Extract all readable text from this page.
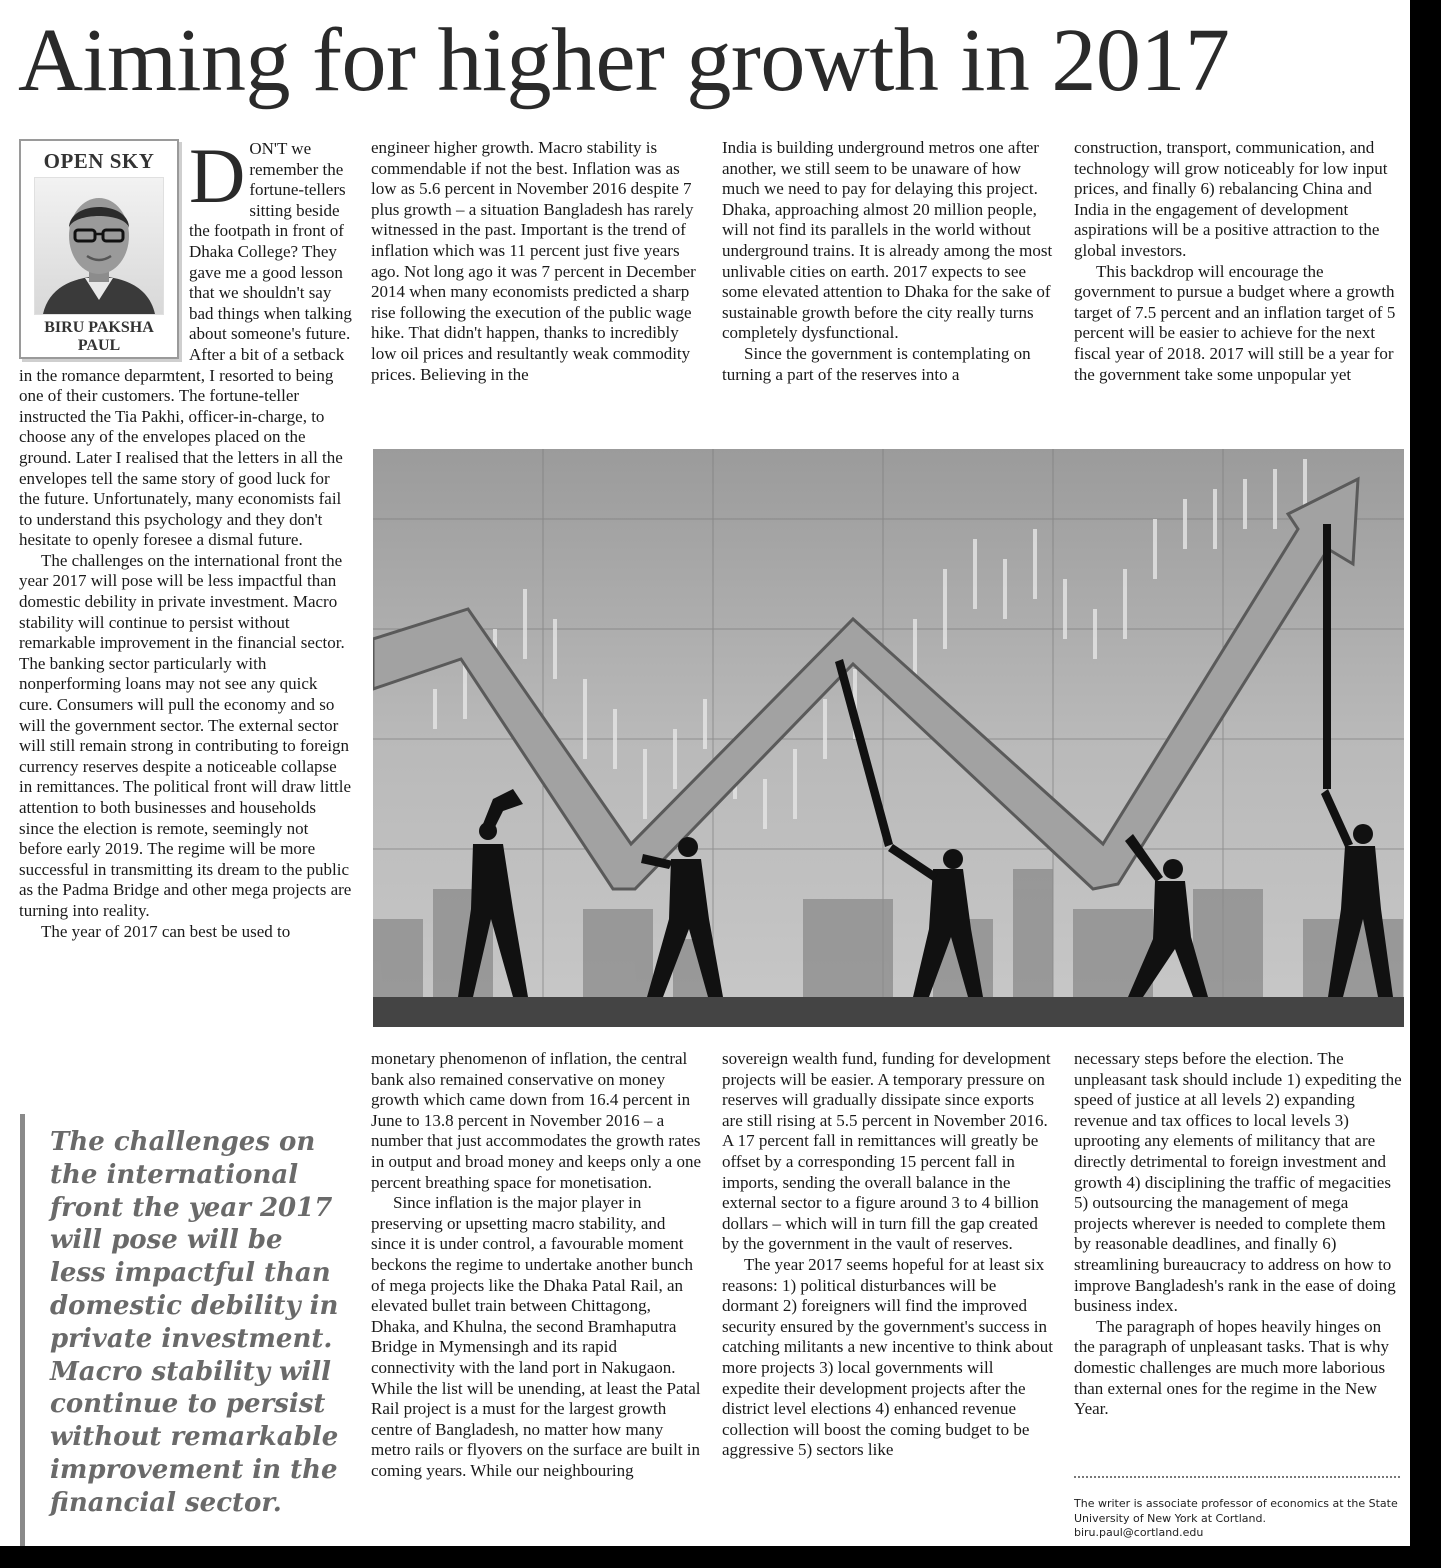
Aiming for higher growth in 2017
OPEN SKY
BIRU PAKSHA
PAUL

DON'T we remember the fortune-tellers sitting beside the footpath in front of Dhaka College? They gave me a good lesson that we shouldn't say bad things when talking about someone's future. After a bit of a setback in the romance deparmtent, I resorted to being one of their customers. The fortune-teller instructed the Tia Pakhi, officer-in-charge, to choose any of the envelopes placed on the ground. Later I realised that the letters in all the envelopes tell the same story of good luck for the future. Unfortunately, many economists fail to understand this psychology and they don't hesitate to openly foresee a dismal future.

The challenges on the international front the year 2017 will pose will be less impactful than domestic debility in private investment. Macro stability will continue to persist without remarkable improvement in the financial sector. The banking sector particularly with nonperforming loans may not see any quick cure. Consumers will pull the economy and so will the government sector. The external sector will still remain strong in contributing to foreign currency reserves despite a noticeable collapse in remittances. The political front will draw little attention to both businesses and households since the election is remote, seemingly not before early 2019. The regime will be more successful in transmitting its dream to the public as the Padma Bridge and other mega projects are turning into reality.

The year of 2017 can best be used to

engineer higher growth. Macro stability is commendable if not the best. Inflation was as low as 5.6 percent in November 2016 despite 7 plus growth – a situation Bangladesh has rarely witnessed in the past. Important is the trend of inflation which was 11 percent just five years ago. Not long ago it was 7 percent in December 2014 when many economists predicted a sharp rise following the execution of the public wage hike. That didn't happen, thanks to incredibly low oil prices and resultantly weak commodity prices. Believing in the

India is building underground metros one after another, we still seem to be unaware of how much we need to pay for delaying this project. Dhaka, approaching almost 20 million people, will not find its parallels in the world without underground trains. It is already among the most unlivable cities on earth. 2017 expects to see some elevated attention to Dhaka for the sake of sustainable growth before the city really turns completely dysfunctional.

Since the government is contemplating on turning a part of the reserves into a

construction, transport, communication, and technology will grow noticeably for low input prices, and finally 6) rebalancing China and India in the engagement of development aspirations will be a positive attraction to the global investors.

This backdrop will encourage the government to pursue a budget where a growth target of 7.5 percent and an inflation target of 5 percent will be easier to achieve for the next fiscal year of 2018. 2017 will still be a year for the government take some unpopular yet

monetary phenomenon of inflation, the central bank also remained conservative on money growth which came down from 16.4 percent in June to 13.8 percent in November 2016 – a number that just accommodates the growth rates in output and broad money and keeps only a one percent breathing space for monetisation.

Since inflation is the major player in preserving or upsetting macro stability, and since it is under control, a favourable moment beckons the regime to undertake another bunch of mega projects like the Dhaka Patal Rail, an elevated bullet train between Chittagong, Dhaka, and Khulna, the second Bramhaputra Bridge in Mymensingh and its rapid connectivity with the land port in Nakugaon. While the list will be unending, at least the Patal Rail project is a must for the largest growth centre of Bangladesh, no matter how many metro rails or flyovers on the surface are built in coming years. While our neighbouring

sovereign wealth fund, funding for development projects will be easier. A temporary pressure on reserves will gradually dissipate since exports are still rising at 5.5 percent in November 2016. A 17 percent fall in remittances will greatly be offset by a corresponding 15 percent fall in imports, sending the overall balance in the external sector to a figure around 3 to 4 billion dollars – which will in turn fill the gap created by the government in the vault of reserves.

The year 2017 seems hopeful for at least six reasons: 1) political disturbances will be dormant 2) foreigners will find the improved security ensured by the government's success in catching militants a new incentive to think about more projects 3) local governments will expedite their development projects after the district level elections 4) enhanced revenue collection will boost the coming budget to be aggressive 5) sectors like

necessary steps before the election. The unpleasant task should include 1) expediting the speed of justice at all levels 2) expanding revenue and tax offices to local levels 3) uprooting any elements of militancy that are directly detrimental to foreign investment and growth 4) disciplining the traffic of megacities 5) outsourcing the management of mega projects wherever is needed to complete them by reasonable deadlines, and finally 6) streamlining bureaucracy to address on how to improve Bangladesh's rank in the ease of doing business index.

The paragraph of hopes heavily hinges on the paragraph of unpleasant tasks. That is why domestic challenges are much more laborious than external ones for the regime in the New Year.

The challenges on the international front the year 2017 will pose will be less impactful than domestic debility in private investment. Macro stability will continue to persist without remarkable improvement in the financial sector.	The writer is associate professor of economics at the State University of New York at Cortland.
biru.paul@cortland.edu
